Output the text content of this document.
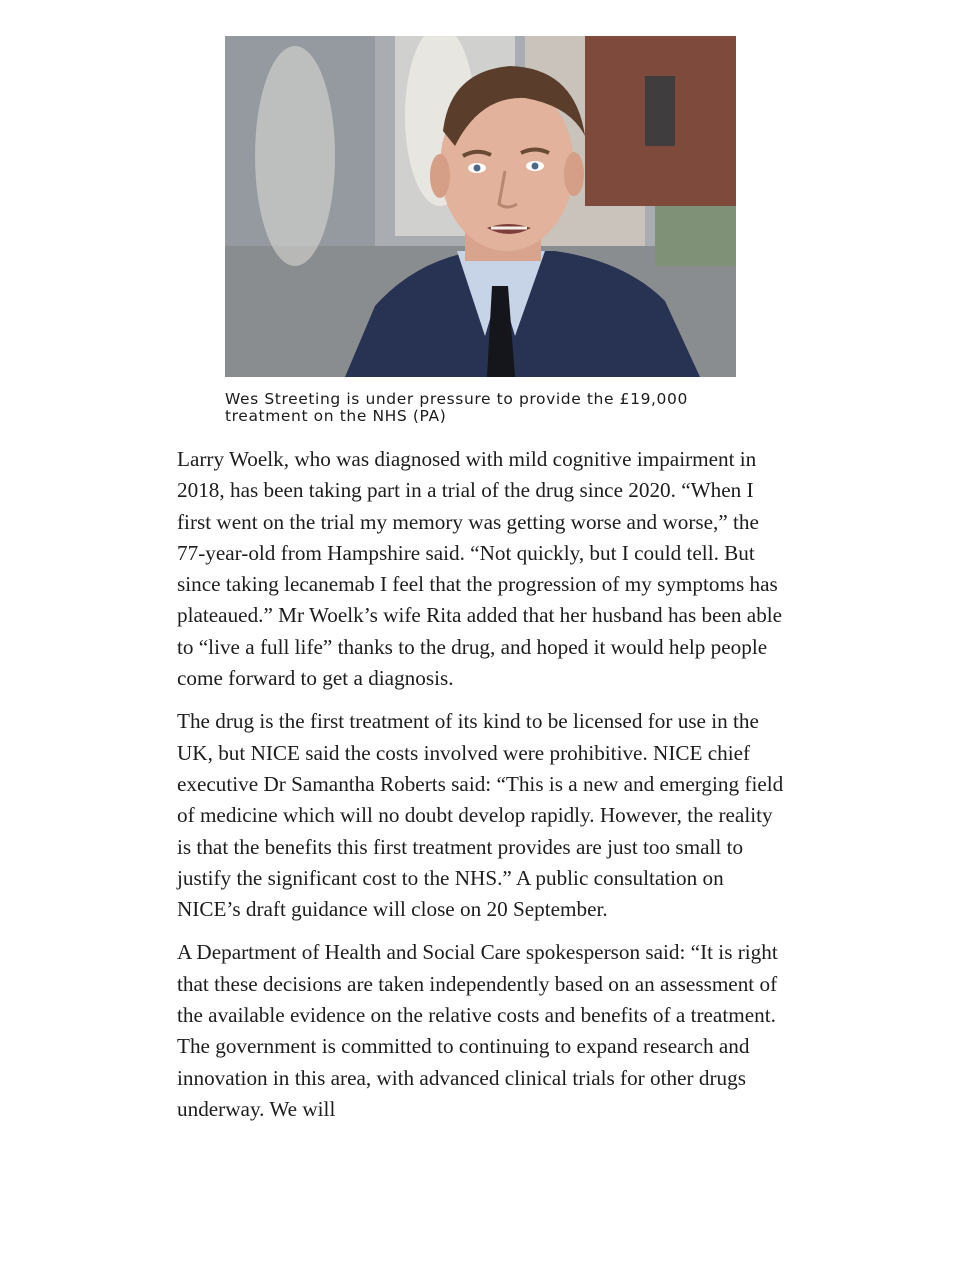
Wes Streeting is under pressure to provide the £19,000 treatment on the NHS (PA)

Larry Woelk, who was diagnosed with mild cognitive impairment in 2018, has been taking part in a trial of the drug since 2020. “When I first went on the trial my memory was getting worse and worse,” the 77-year-old from Hampshire said. “Not quickly, but I could tell. But since taking lecanemab I feel that the progression of my symptoms has plateaued.” Mr Woelk’s wife Rita added that her husband has been able to “live a full life” thanks to the drug, and hoped it would help people come forward to get a diagnosis.

The drug is the first treatment of its kind to be licensed for use in the UK, but NICE said the costs involved were prohibitive. NICE chief executive Dr Samantha Roberts said: “This is a new and emerging field of medicine which will no doubt develop rapidly. However, the reality is that the benefits this first treatment provides are just too small to justify the significant cost to the NHS.” A public consultation on NICE’s draft guidance will close on 20 September.

A Department of Health and Social Care spokesperson said: “It is right that these decisions are taken independently based on an assessment of the available evidence on the relative costs and benefits of a treatment. The government is committed to continuing to expand research and innovation in this area, with advanced clinical trials for other drugs underway. We will
